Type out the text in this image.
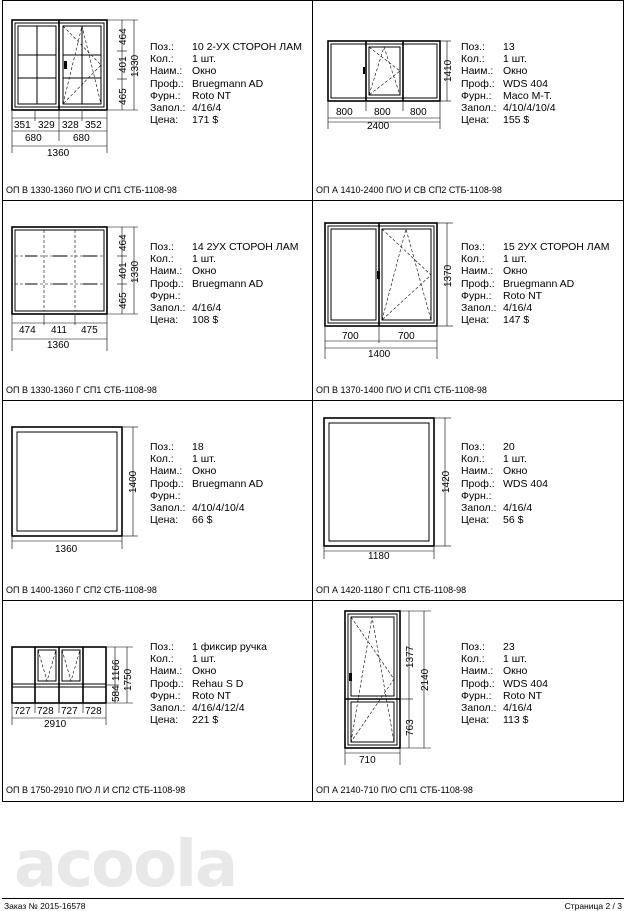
acoola
351 329 328 352
680	680
1360
464
401
465
1330
Поз.:	10 2-УХ СТОРОН ЛАМ
Кол.:	1 шт.
Наим.: Окно
Проф.: Bruegmann AD
Фурн.:	Roto NT
Запол.: 4/16/4
Цена:	171 $
ОП В 1330-1360 П/О И СП1 СТБ-1108-98
800 800 800
2400
1410
Поз.:	13
Кол.:	1 шт.
Наим.: Окно
Проф.: WDS 404
Фурн.:	Maco M-T.
Запол.: 4/10/4/10/4
Цена:	155 $
ОП А 1410-2400 П/О И СВ СП2 СТБ-1108-98
474 411 475
1360
464
401
465
1330
Поз.:	14 2УХ СТОРОН ЛАМ
Кол.:	1 шт.
Наим.: Окно
Проф.: Bruegmann AD
Фурн.:
Запол.: 4/16/4
Цена:	108 $
ОП В 1330-1360 Г СП1 СТБ-1108-98
700	700
1400
1370
Поз.:	15 2УХ СТОРОН ЛАМ
Кол.:	1 шт.
Наим.: Окно
Проф.: Bruegmann AD
Фурн.:	Roto NT
Запол.: 4/16/4
Цена:	147 $
ОП В 1370-1400 П/О И СП1 СТБ-1108-98
1360
1400
Поз.:	18
Кол.:	1 шт.
Наим.: Окно
Проф.: Bruegmann AD
Фурн.:
Запол.: 4/10/4/10/4
Цена:	66 $
ОП В 1400-1360 Г СП2 СТБ-1108-98
1180
1420
Поз.:	20
Кол.:	1 шт.
Наим.: Окно
Проф.: WDS 404
Фурн.:
Запол.: 4/16/4
Цена:	56 $
ОП А 1420-1180 Г СП1 СТБ-1108-98
727 728 727 728
2910
1166
584
1750
Поз.:	1 фиксир ручка
Кол.:	1 шт.
Наим.: Окно
Проф.: Rehau S D
Фурн.:	Roto NT
Запол.: 4/16/4/12/4
Цена:	221 $
ОП В 1750-2910 П/О Л И СП2 СТБ-1108-98
710
1377
763
2140
Поз.:	23
Кол.:	1 шт.
Наим.: Окно
Проф.: WDS 404
Фурн.:	Roto NT
Запол.: 4/16/4
Цена:	113 $
ОП А 2140-710 П/О СП1 СТБ-1108-98
Заказ № 2015-16578	Страница 2 / 3
